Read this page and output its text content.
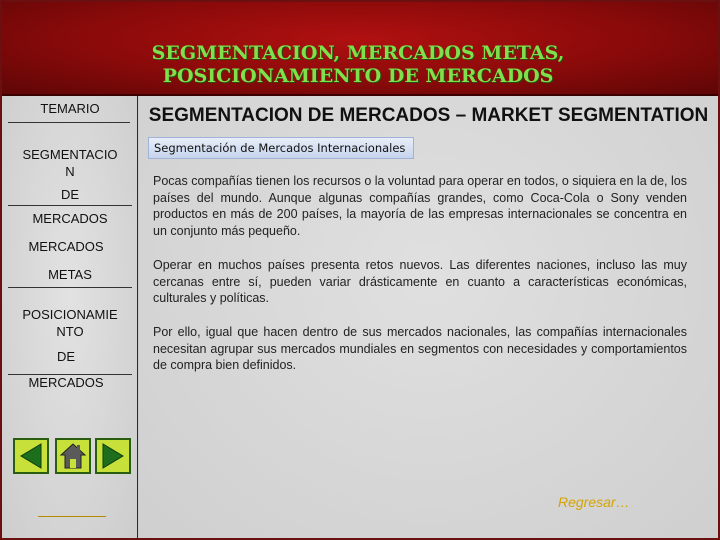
SEGMENTACION, MERCADOS METAS, POSICIONAMIENTO DE MERCADOS
TEMARIO
SEGMENTACIO
N
DE
MERCADOS
MERCADOS
METAS
POSICIONAMIE
NTO
DE
MERCADOS
SEGMENTACION DE MERCADOS – MARKET SEGMENTATION
Segmentación de Mercados Internacionales
Pocas compañías tienen los recursos o la voluntad para operar en todos, o siquiera en la de, los países del mundo. Aunque algunas compañías grandes, como Coca-Cola o Sony venden productos en más de 200 países, la mayoría de las empresas internacionales se concentra en un conjunto más pequeño.
Operar en muchos países presenta retos nuevos. Las diferentes naciones, incluso las muy cercanas entre sí, pueden variar drásticamente en cuanto a características económicas, culturales y políticas.
Por ello, igual que hacen dentro de sus mercados nacionales, las compañías internacionales necesitan agrupar sus mercados mundiales en segmentos con necesidades y comportamientos de compra bien definidos.
Regresar…
